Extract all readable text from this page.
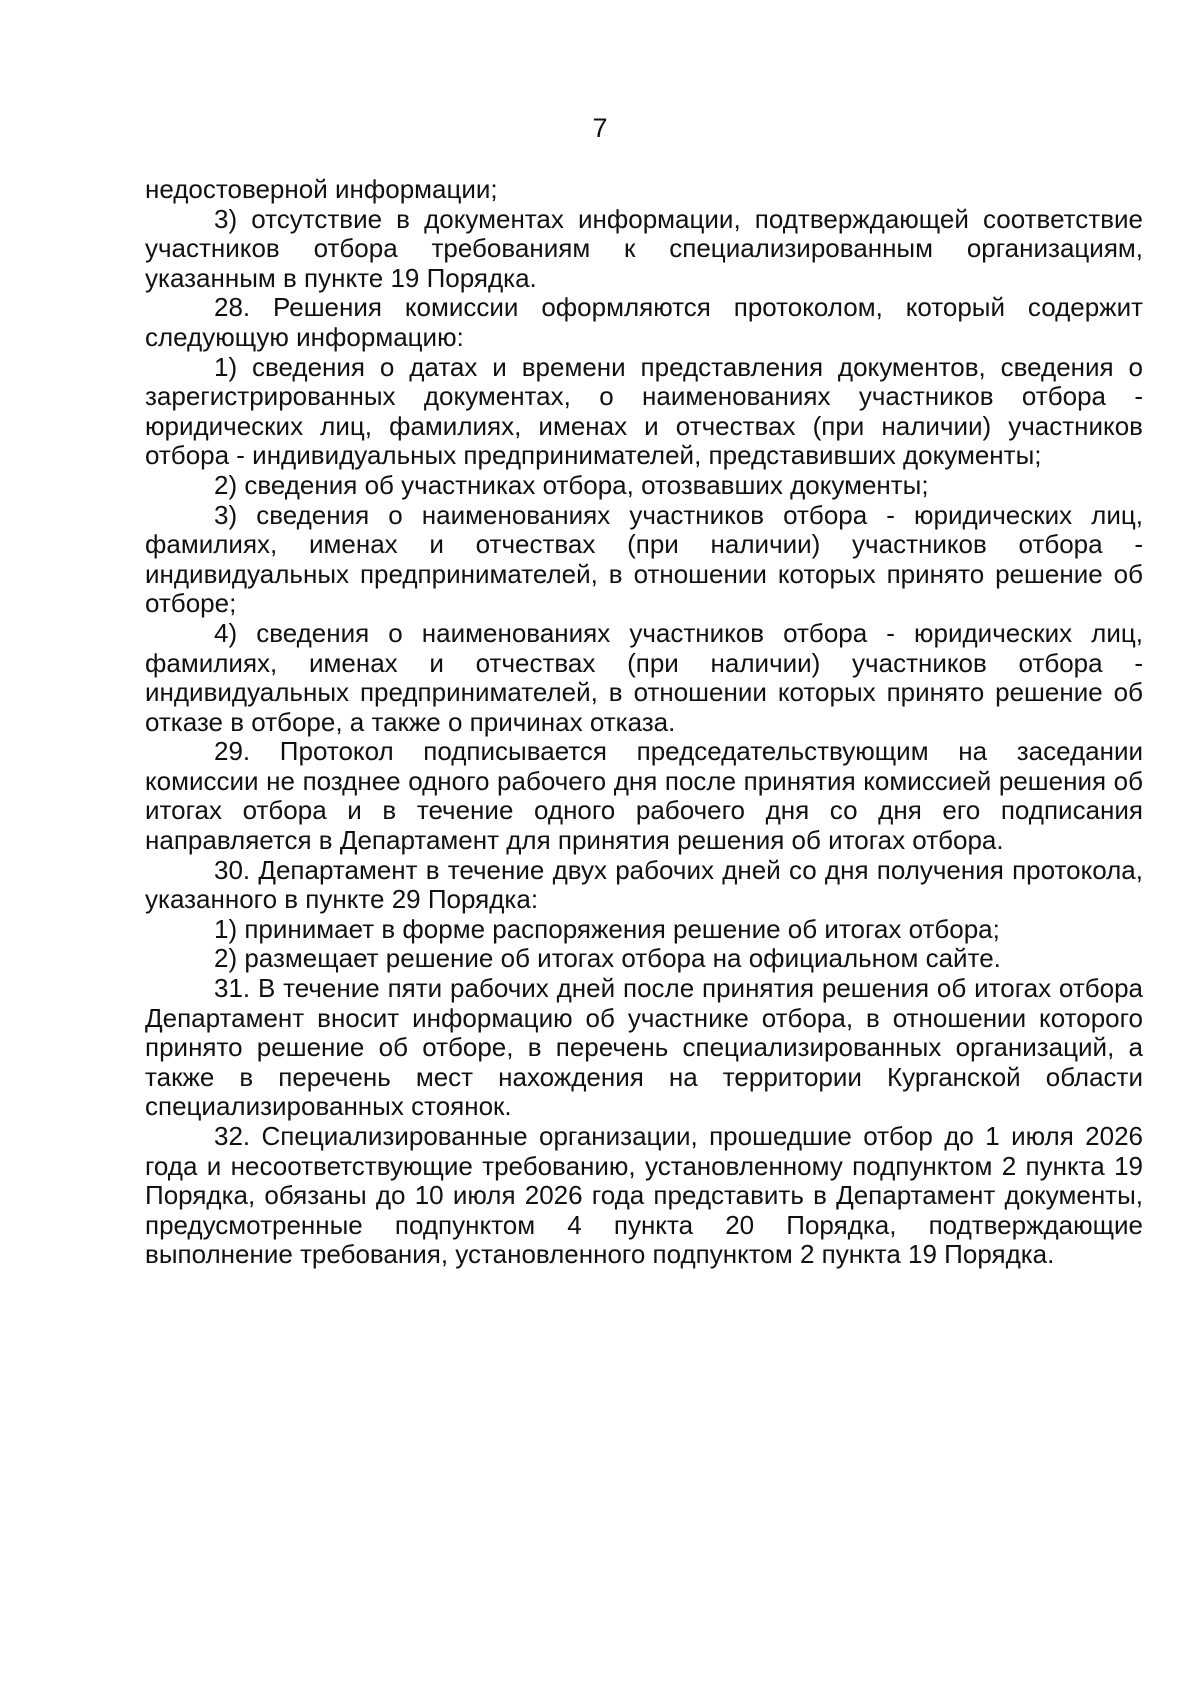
7

недостоверной информации;

3) отсутствие в документах информации, подтверждающей соответствие участников отбора требованиям к специализированным организациям, указанным в пункте 19 Порядка.

28. Решения комиссии оформляются протоколом, который содержит следующую информацию:

1) сведения о датах и времени представления документов, сведения о зарегистрированных документах, о наименованиях участников отбора - юридических лиц, фамилиях, именах и отчествах (при наличии) участников отбора - индивидуальных предпринимателей, представивших документы;

2) сведения об участниках отбора, отозвавших документы;

3) сведения о наименованиях участников отбора - юридических лиц, фамилиях, именах и отчествах (при наличии) участников отбора - индивидуальных предпринимателей, в отношении которых принято решение об отборе;

4) сведения о наименованиях участников отбора - юридических лиц, фамилиях, именах и отчествах (при наличии) участников отбора - индивидуальных предпринимателей, в отношении которых принято решение об отказе в отборе, а также о причинах отказа.

29. Протокол подписывается председательствующим на заседании комиссии не позднее одного рабочего дня после принятия комиссией решения об итогах отбора и в течение одного рабочего дня со дня его подписания направляется в Департамент для принятия решения об итогах отбора.

30. Департамент в течение двух рабочих дней со дня получения протокола, указанного в пункте 29 Порядка:

1) принимает в форме распоряжения решение об итогах отбора;

2) размещает решение об итогах отбора на официальном сайте.

31. В течение пяти рабочих дней после принятия решения об итогах отбора Департамент вносит информацию об участнике отбора, в отношении которого принято решение об отборе, в перечень специализированных организаций, а также в перечень мест нахождения на территории Курганской области специализированных стоянок.

32. Специализированные организации, прошедшие отбор до 1 июля 2026 года и несоответствующие требованию, установленному подпунктом 2 пункта 19 Порядка, обязаны до 10 июля 2026 года представить в Департамент документы, предусмотренные подпунктом 4 пункта 20 Порядка, подтверждающие выполнение требования, установленного подпунктом 2 пункта 19 Порядка.
